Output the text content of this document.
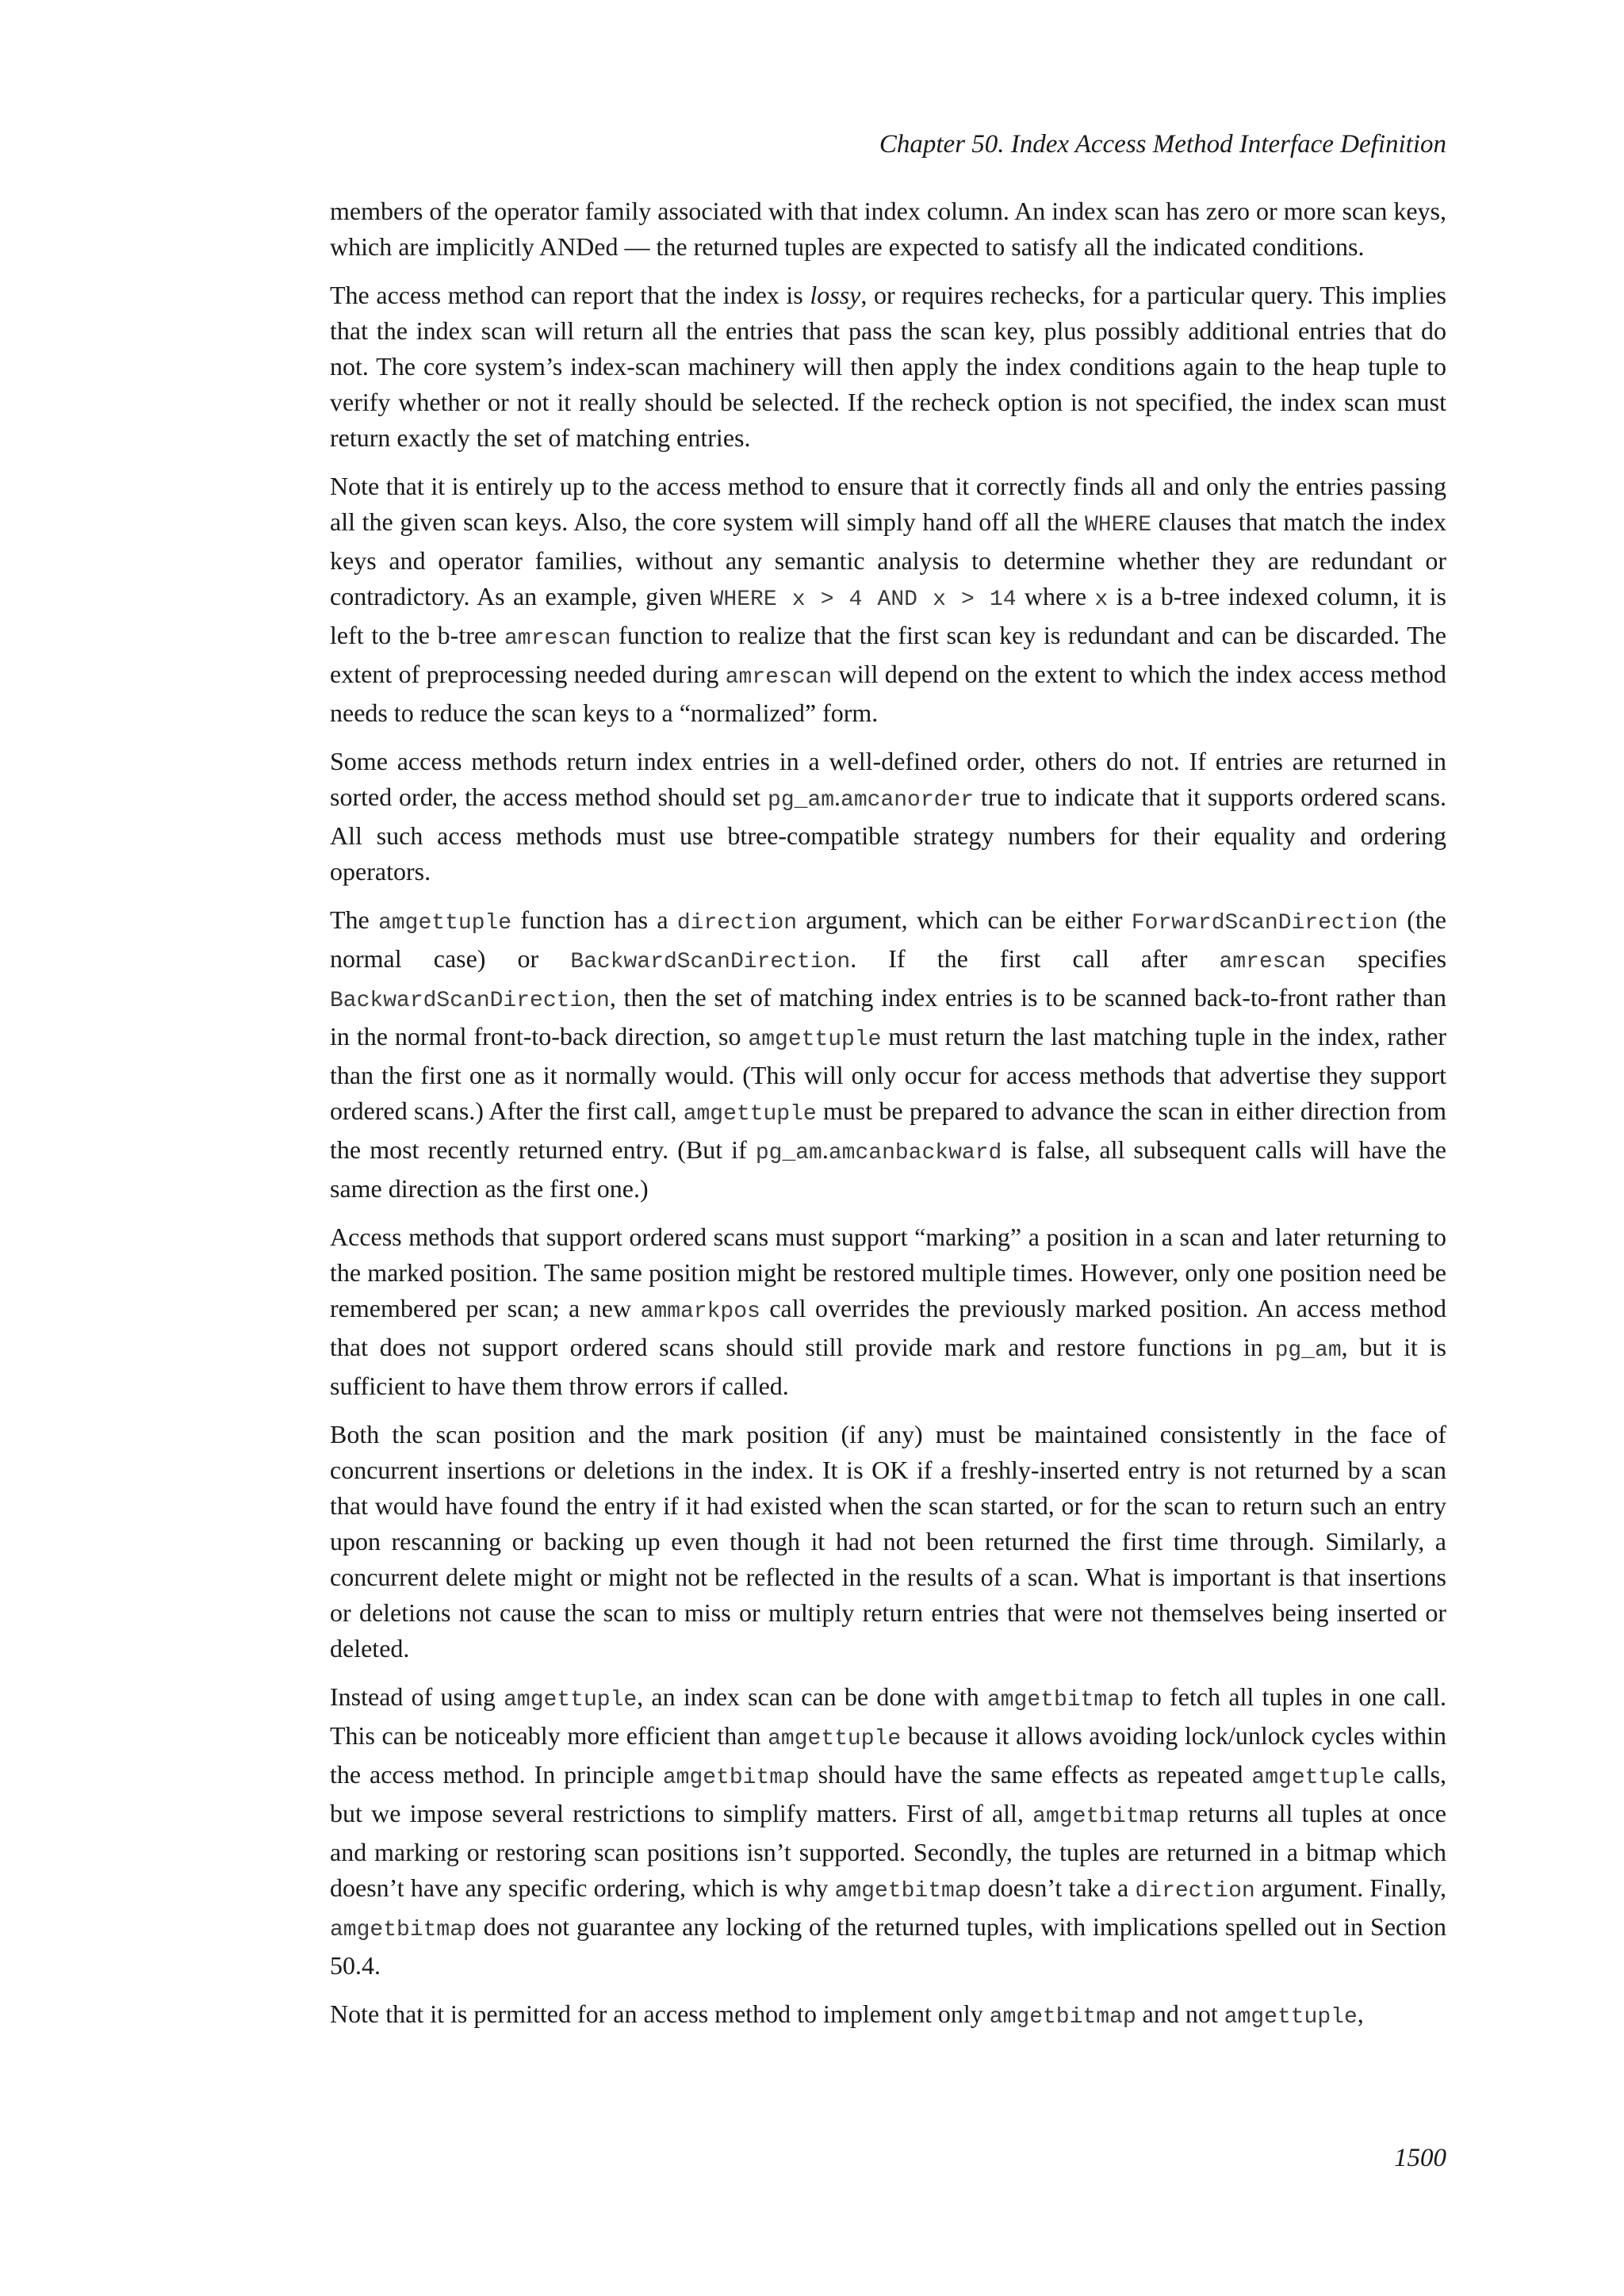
Chapter 50. Index Access Method Interface Definition

members of the operator family associated with that index column. An index scan has zero or more scan keys, which are implicitly ANDed — the returned tuples are expected to satisfy all the indicated conditions.

The access method can report that the index is lossy, or requires rechecks, for a particular query. This implies that the index scan will return all the entries that pass the scan key, plus possibly additional entries that do not. The core system’s index-scan machinery will then apply the index conditions again to the heap tuple to verify whether or not it really should be selected. If the recheck option is not specified, the index scan must return exactly the set of matching entries.

Note that it is entirely up to the access method to ensure that it correctly finds all and only the entries passing all the given scan keys. Also, the core system will simply hand off all the WHERE clauses that match the index keys and operator families, without any semantic analysis to determine whether they are redundant or contradictory. As an example, given WHERE x > 4 AND x > 14 where x is a b-tree indexed column, it is left to the b-tree amrescan function to realize that the first scan key is redundant and can be discarded. The extent of preprocessing needed during amrescan will depend on the extent to which the index access method needs to reduce the scan keys to a “normalized” form.

Some access methods return index entries in a well-defined order, others do not. If entries are returned in sorted order, the access method should set pg_am.amcanorder true to indicate that it supports ordered scans. All such access methods must use btree-compatible strategy numbers for their equality and ordering operators.

The amgettuple function has a direction argument, which can be either ForwardScanDirection (the normal case) or BackwardScanDirection. If the first call after amrescan specifies BackwardScanDirection, then the set of matching index entries is to be scanned back-to-front rather than in the normal front-to-back direction, so amgettuple must return the last matching tuple in the index, rather than the first one as it normally would. (This will only occur for access methods that advertise they support ordered scans.) After the first call, amgettuple must be prepared to advance the scan in either direction from the most recently returned entry. (But if pg_am.amcanbackward is false, all subsequent calls will have the same direction as the first one.)

Access methods that support ordered scans must support “marking” a position in a scan and later returning to the marked position. The same position might be restored multiple times. However, only one position need be remembered per scan; a new ammarkpos call overrides the previously marked position. An access method that does not support ordered scans should still provide mark and restore functions in pg_am, but it is sufficient to have them throw errors if called.

Both the scan position and the mark position (if any) must be maintained consistently in the face of concurrent insertions or deletions in the index. It is OK if a freshly-inserted entry is not returned by a scan that would have found the entry if it had existed when the scan started, or for the scan to return such an entry upon rescanning or backing up even though it had not been returned the first time through. Similarly, a concurrent delete might or might not be reflected in the results of a scan. What is important is that insertions or deletions not cause the scan to miss or multiply return entries that were not themselves being inserted or deleted.

Instead of using amgettuple, an index scan can be done with amgetbitmap to fetch all tuples in one call. This can be noticeably more efficient than amgettuple because it allows avoiding lock/unlock cycles within the access method. In principle amgetbitmap should have the same effects as repeated amgettuple calls, but we impose several restrictions to simplify matters. First of all, amgetbitmap returns all tuples at once and marking or restoring scan positions isn’t supported. Secondly, the tuples are returned in a bitmap which doesn’t have any specific ordering, which is why amgetbitmap doesn’t take a direction argument. Finally, amgetbitmap does not guarantee any locking of the returned tuples, with implications spelled out in Section 50.4.

Note that it is permitted for an access method to implement only amgetbitmap and not amgettuple,

1500
